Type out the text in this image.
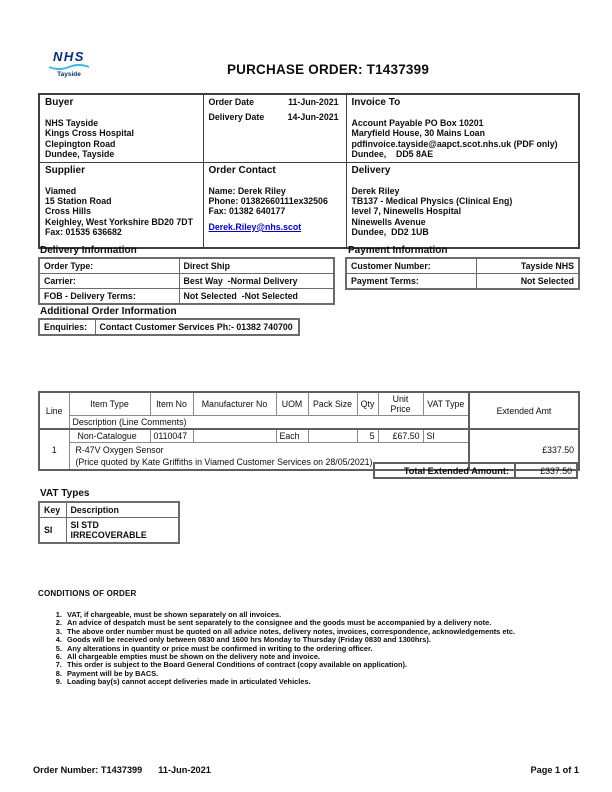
NHS
Tayside	PURCHASE ORDER: T1437399
Buyer
NHS Tayside
Kings Cross Hospital
Clepington Road
Dundee, Tayside

Order Date	11-Jun-2021
Delivery Date	14-Jun-2021

Invoice To
Account Payable PO Box 10201
Maryfield House, 30 Mains Loan
pdfinvoice.tayside@aapct.scot.nhs.uk (PDF only)
Dundee,    DD5 8AE

Supplier
Viamed
15 Station Road
Cross Hills
Keighley, West Yorkshire BD20 7DT
Fax: 01535 636682

Order Contact
Name: Derek Riley
Phone: 01382660111ex32506
Fax: 01382 640177
Derek.Riley@nhs.scot	
Delivery
Derek Riley
TB137 - Medical Physics (Clinical Eng)
level 7, Ninewells Hospital
Ninewells Avenue
Dundee,  DD2 1UB
Delivery Information
Order Type:	Direct Ship
Carrier:	Best Way  -Normal Delivery
FOB - Delivery Terms:	Not Selected  -Not Selected
Payment Information
Customer Number:	Tayside NHS
Payment Terms:	Not Selected
Additional Order Information
Enquiries:	Contact Customer Services Ph:- 01382 740700
Line	Item Type	Item No	Manufacturer No	UOM	Pack Size	Qty	Unit Price	VAT Type	Extended Amt
	Description (Line Comments)								
1	Non-Catalogue	0110047		Each		5	£67.50	SI	£337.50

	R-47V Oxygen Sensor
(Price quoted by Kate Griffiths in Viamed Customer Services on 28/05/2021)								
Total Extended Amount:	£337.50
VAT Types
Key	Description
SI	SI STD IRRECOVERABLE
CONDITIONS OF ORDER
1. VAT, if chargeable, must be shown separately on all invoices.
2. An advice of despatch must be sent separately to the consignee and the goods must be accompanied by a delivery note.
3. The above order number must be quoted on all advice notes, delivery notes, invoices, correspondence, acknowledgements etc.
4. Goods will be received only between 0830 and 1600 hrs Monday to Thursday (Friday 0830 and 1300hrs).
5. Any alterations in quantity or price must be confirmed in writing to the ordering officer.
6. All chargeable empties must be shown on the delivery note and invoice.
7. This order is subject to the Board General Conditions of contract (copy available on application).
8. Payment will be by BACS.
9. Loading bay(s) cannot accept deliveries made in articulated Vehicles.
Order Number: T1437399 11-Jun-2021	Page 1 of 1
